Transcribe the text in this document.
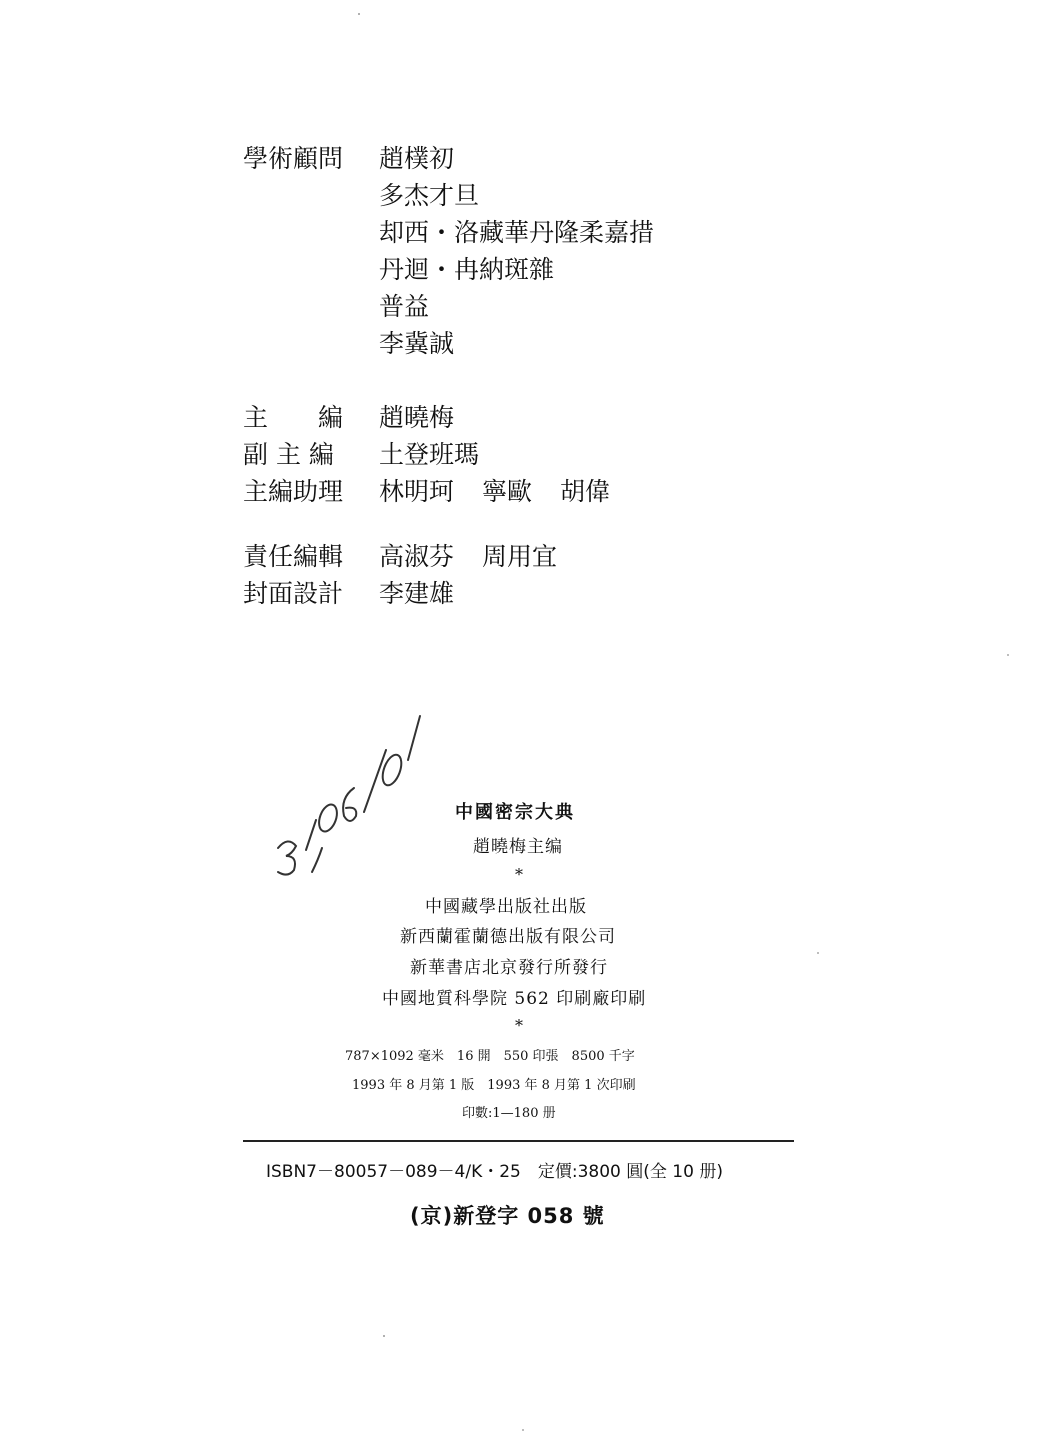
學術顧問	趙樸初
多杰才旦
却西・洛藏華丹隆柔嘉措
丹迴・冉納斑雜
普益
李冀誠
主　　編	趙曉梅
副 主 編	土登班瑪
主編助理	林明珂 寧歐 胡偉
責任編輯	高淑芬 周用宜
封面設計	李建雄
中國密宗大典
趙曉梅主编
*
中國藏學出版社出版
新西蘭霍蘭德出版有限公司
新華書店北京發行所發行
中國地質科學院 562 印刷廠印刷
*
787×1092 毫米　16 開　550 印張　8500 千字
1993 年 8 月第 1 版　1993 年 8 月第 1 次印刷
印數:1—180 册
ISBN7－80057－089－4/K・25　定價:3800 圓(全 10 册)
(京)新登字 058 號
